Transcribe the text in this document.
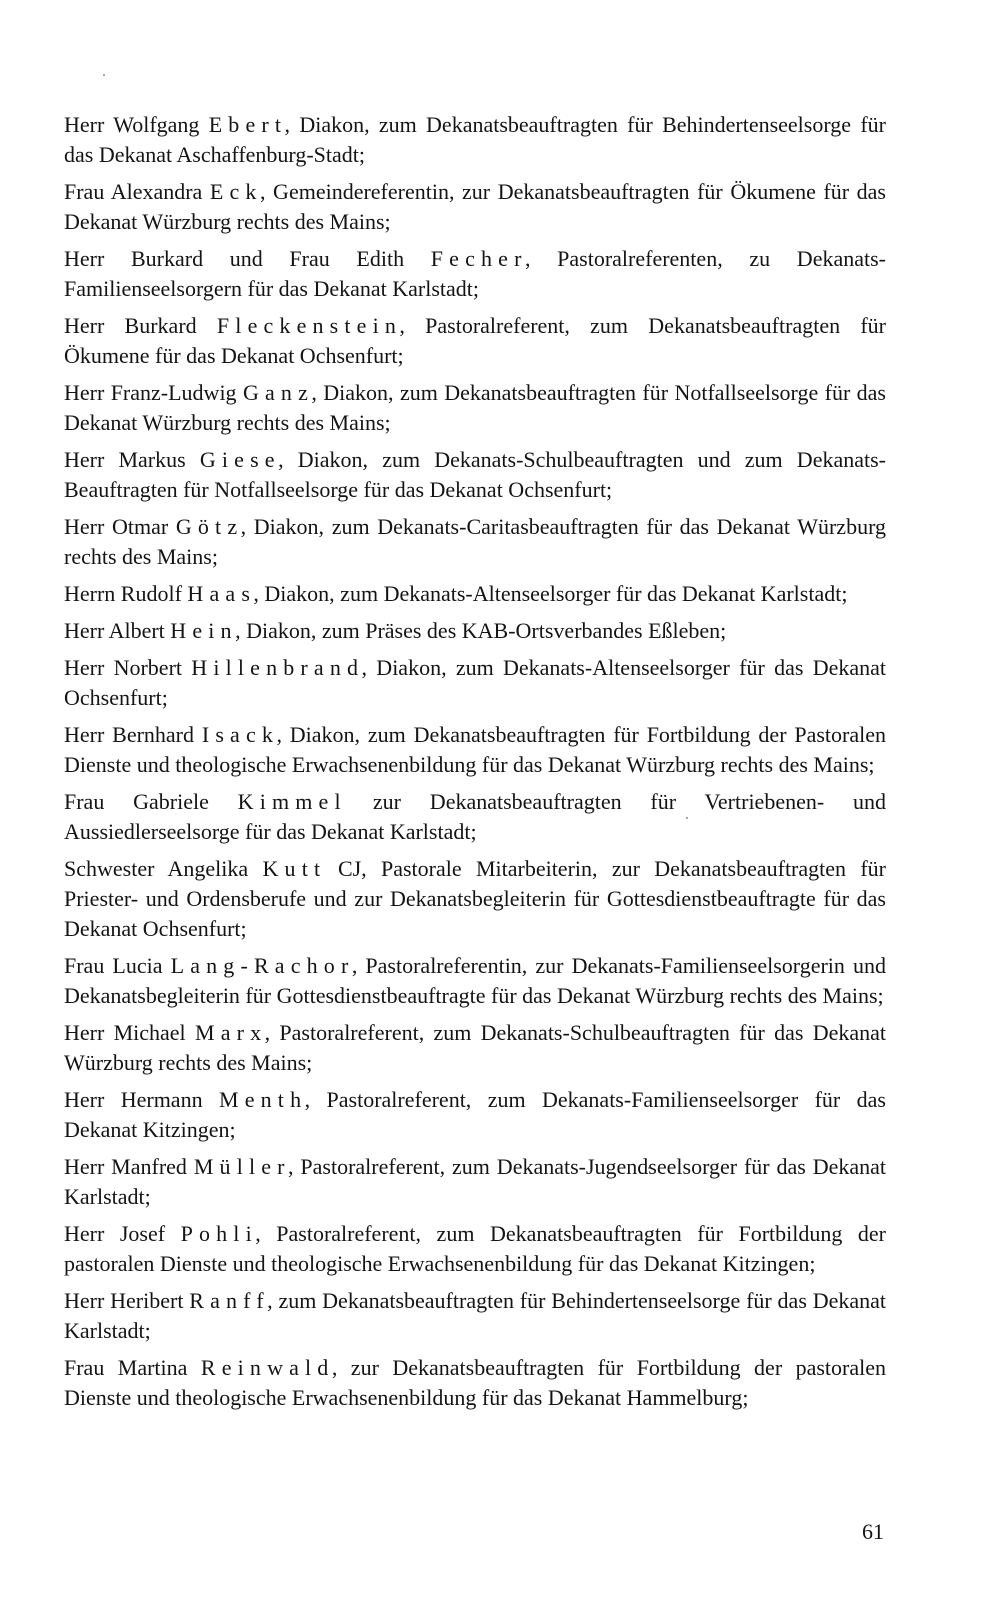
Herr Wolfgang Ebert, Diakon, zum Dekanatsbeauftragten für Behindertenseelsorge für das Dekanat Aschaffenburg-Stadt;
Frau Alexandra Eck, Gemeindereferentin, zur Dekanatsbeauftragten für Ökumene für das Dekanat Würzburg rechts des Mains;
Herr Burkard und Frau Edith Fecher, Pastoralreferenten, zu Dekanats-Familienseelsorgern für das Dekanat Karlstadt;
Herr Burkard Fleckenstein, Pastoralreferent, zum Dekanatsbeauftragten für Ökumene für das Dekanat Ochsenfurt;
Herr Franz-Ludwig Ganz, Diakon, zum Dekanatsbeauftragten für Notfallseelsorge für das Dekanat Würzburg rechts des Mains;
Herr Markus Giese, Diakon, zum Dekanats-Schulbeauftragten und zum Dekanats-Beauftragten für Notfallseelsorge für das Dekanat Ochsenfurt;
Herr Otmar Götz, Diakon, zum Dekanats-Caritasbeauftragten für das Dekanat Würzburg rechts des Mains;
Herrn Rudolf Haas, Diakon, zum Dekanats-Altenseelsorger für das Dekanat Karlstadt;
Herr Albert Hein, Diakon, zum Präses des KAB-Ortsverbandes Eßleben;
Herr Norbert Hillenbrand, Diakon, zum Dekanats-Altenseelsorger für das Dekanat Ochsenfurt;
Herr Bernhard Isack, Diakon, zum Dekanatsbeauftragten für Fortbildung der Pastoralen Dienste und theologische Erwachsenenbildung für das Dekanat Würzburg rechts des Mains;
Frau Gabriele Kimmel zur Dekanatsbeauftragten für Vertriebenen- und Aussiedlerseelsorge für das Dekanat Karlstadt;
Schwester Angelika Kutt CJ, Pastorale Mitarbeiterin, zur Dekanatsbeauftragten für Priester- und Ordensberufe und zur Dekanatsbegleiterin für Gottesdienstbeauftragte für das Dekanat Ochsenfurt;
Frau Lucia Lang-Rachor, Pastoralreferentin, zur Dekanats-Familienseelsorgerin und Dekanatsbegleiterin für Gottesdienstbeauftragte für das Dekanat Würzburg rechts des Mains;
Herr Michael Marx, Pastoralreferent, zum Dekanats-Schulbeauftragten für das Dekanat Würzburg rechts des Mains;
Herr Hermann Menth, Pastoralreferent, zum Dekanats-Familienseelsorger für das Dekanat Kitzingen;
Herr Manfred Müller, Pastoralreferent, zum Dekanats-Jugendseelsorger für das Dekanat Karlstadt;
Herr Josef Pohli, Pastoralreferent, zum Dekanatsbeauftragten für Fortbildung der pastoralen Dienste und theologische Erwachsenenbildung für das Dekanat Kitzingen;
Herr Heribert Ranff, zum Dekanatsbeauftragten für Behindertenseelsorge für das Dekanat Karlstadt;
Frau Martina Reinwald, zur Dekanatsbeauftragten für Fortbildung der pastoralen Dienste und theologische Erwachsenenbildung für das Dekanat Hammelburg;
61
